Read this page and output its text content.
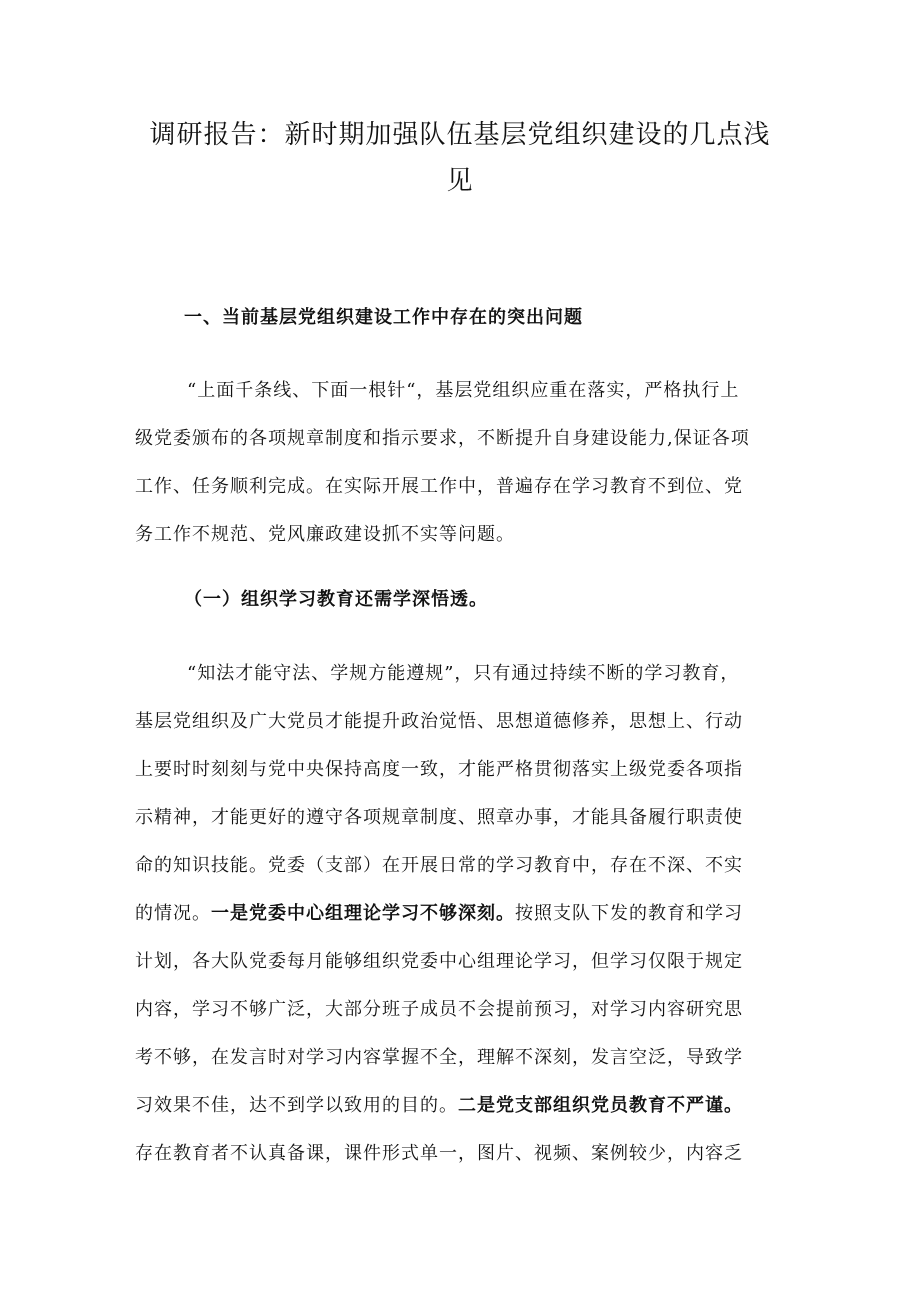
调研报告：新时期加强队伍基层党组织建设的几点浅
见
一、当前基层党组织建设工作中存在的突出问题
“上面千条线、下面一根针“，基层党组织应重在落实，严格执行上
级党委颁布的各项规章制度和指示要求，不断提升自身建设能力,保证各项
工作、任务顺利完成。在实际开展工作中，普遍存在学习教育不到位、党
务工作不规范、党风廉政建设抓不实等问题。
（一）组织学习教育还需学深悟透。
“知法才能守法、学规方能遵规”，只有通过持续不断的学习教育，
基层党组织及广大党员才能提升政治觉悟、思想道德修养，思想上、行动
上要时时刻刻与党中央保持高度一致，才能严格贯彻落实上级党委各项指
示精神，才能更好的遵守各项规章制度、照章办事，才能具备履行职责使
命的知识技能。党委（支部）在开展日常的学习教育中，存在不深、不实
的情况。一是党委中心组理论学习不够深刻。按照支队下发的教育和学习
计划，各大队党委每月能够组织党委中心组理论学习，但学习仅限于规定
内容，学习不够广泛，大部分班子成员不会提前预习，对学习内容研究思
考不够，在发言时对学习内容掌握不全，理解不深刻，发言空泛，导致学
习效果不佳，达不到学以致用的目的。二是党支部组织党员教育不严谨。
存在教育者不认真备课，课件形式单一，图片、视频、案例较少，内容乏
